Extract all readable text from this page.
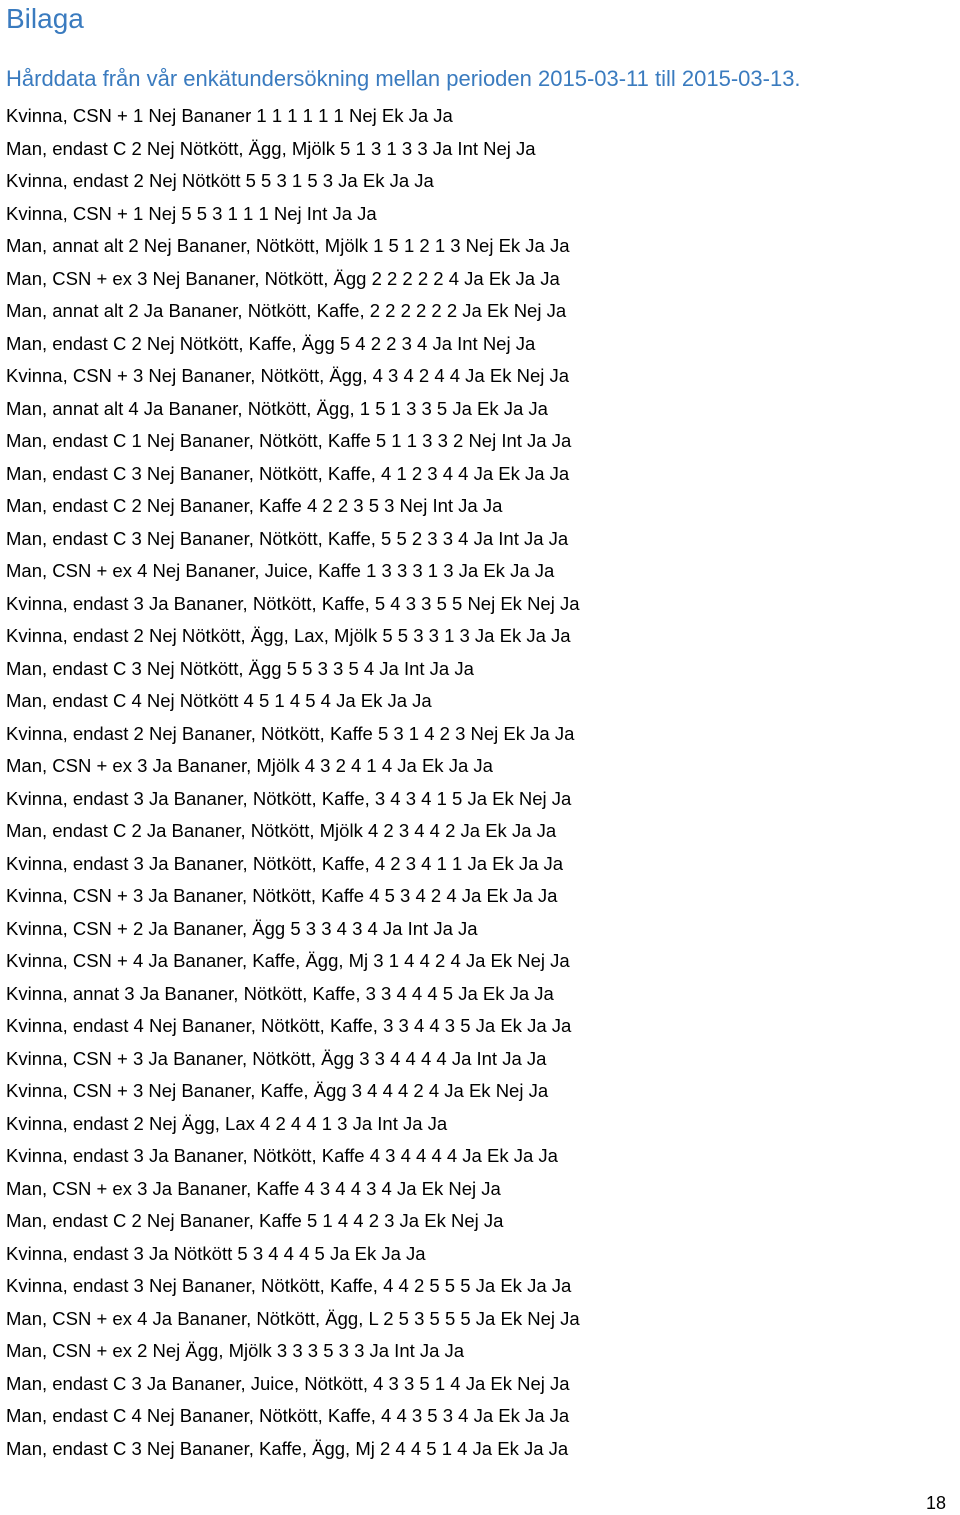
Bilaga
Hårddata från vår enkätundersökning mellan perioden 2015-03-11 till 2015-03-13.
Kvinna, CSN + 1 Nej Bananer 1 1 1 1 1 1 Nej Ek Ja Ja
Man, endast C 2 Nej Nötkött, Ägg, Mjölk 5 1 3 1 3 3 Ja Int Nej Ja
Kvinna, endast 2 Nej Nötkött 5 5 3 1 5 3 Ja Ek Ja Ja
Kvinna, CSN + 1 Nej 5 5 3 1 1 1 Nej Int Ja Ja
Man, annat alt 2 Nej Bananer, Nötkött, Mjölk 1 5 1 2 1 3 Nej Ek Ja Ja
Man, CSN + ex 3 Nej Bananer, Nötkött, Ägg 2 2 2 2 2 4 Ja Ek Ja Ja
Man, annat alt 2 Ja Bananer, Nötkött, Kaffe, 2 2 2 2 2 2 Ja Ek Nej Ja
Man, endast C 2 Nej Nötkött, Kaffe, Ägg 5 4 2 2 3 4 Ja Int Nej Ja
Kvinna, CSN + 3 Nej Bananer, Nötkött, Ägg, 4 3 4 2 4 4 Ja Ek Nej Ja
Man, annat alt 4 Ja Bananer, Nötkött, Ägg, 1 5 1 3 3 5 Ja Ek Ja Ja
Man, endast C 1 Nej Bananer, Nötkött, Kaffe 5 1 1 3 3 2 Nej Int Ja Ja
Man, endast C 3 Nej Bananer, Nötkött, Kaffe, 4 1 2 3 4 4 Ja Ek Ja Ja
Man, endast C 2 Nej Bananer, Kaffe 4 2 2 3 5 3 Nej Int Ja Ja
Man, endast C 3 Nej Bananer, Nötkött, Kaffe, 5 5 2 3 3 4 Ja Int Ja Ja
Man, CSN + ex 4 Nej Bananer, Juice, Kaffe 1 3 3 3 1 3 Ja Ek Ja Ja
Kvinna, endast 3 Ja Bananer, Nötkött, Kaffe, 5 4 3 3 5 5 Nej Ek Nej Ja
Kvinna, endast 2 Nej Nötkött, Ägg, Lax, Mjölk 5 5 3 3 1 3 Ja Ek Ja Ja
Man, endast C 3 Nej Nötkött, Ägg 5 5 3 3 5 4 Ja Int Ja Ja
Man, endast C 4 Nej Nötkött 4 5 1 4 5 4 Ja Ek Ja Ja
Kvinna, endast 2 Nej Bananer, Nötkött, Kaffe 5 3 1 4 2 3 Nej Ek Ja Ja
Man, CSN + ex 3 Ja Bananer, Mjölk 4 3 2 4 1 4 Ja Ek Ja Ja
Kvinna, endast 3 Ja Bananer, Nötkött, Kaffe, 3 4 3 4 1 5 Ja Ek Nej Ja
Man, endast C 2 Ja Bananer, Nötkött, Mjölk 4 2 3 4 4 2 Ja Ek Ja Ja
Kvinna, endast 3 Ja Bananer, Nötkött, Kaffe, 4 2 3 4 1 1 Ja Ek Ja Ja
Kvinna, CSN + 3 Ja Bananer, Nötkött, Kaffe 4 5 3 4 2 4 Ja Ek Ja Ja
Kvinna, CSN + 2 Ja Bananer, Ägg 5 3 3 4 3 4 Ja Int Ja Ja
Kvinna, CSN + 4 Ja Bananer, Kaffe, Ägg, Mj 3 1 4 4 2 4 Ja Ek Nej Ja
Kvinna, annat 3 Ja Bananer, Nötkött, Kaffe, 3 3 4 4 4 5 Ja Ek Ja Ja
Kvinna, endast 4 Nej Bananer, Nötkött, Kaffe, 3 3 4 4 3 5 Ja Ek Ja Ja
Kvinna, CSN + 3 Ja Bananer, Nötkött, Ägg 3 3 4 4 4 4 Ja Int Ja Ja
Kvinna, CSN + 3 Nej Bananer, Kaffe, Ägg 3 4 4 4 2 4 Ja Ek Nej Ja
Kvinna, endast 2 Nej Ägg, Lax 4 2 4 4 1 3 Ja Int Ja Ja
Kvinna, endast 3 Ja Bananer, Nötkött, Kaffe 4 3 4 4 4 4 Ja Ek Ja Ja
Man, CSN + ex 3 Ja Bananer, Kaffe 4 3 4 4 3 4 Ja Ek Nej Ja
Man, endast C 2 Nej Bananer, Kaffe 5 1 4 4 2 3 Ja Ek Nej Ja
Kvinna, endast 3 Ja Nötkött 5 3 4 4 4 5 Ja Ek Ja Ja
Kvinna, endast 3 Nej Bananer, Nötkött, Kaffe, 4 4 2 5 5 5 Ja Ek Ja Ja
Man, CSN + ex 4 Ja Bananer, Nötkött, Ägg, L 2 5 3 5 5 5 Ja Ek Nej Ja
Man, CSN + ex 2 Nej Ägg, Mjölk 3 3 3 5 3 3 Ja Int Ja Ja
Man, endast C 3 Ja Bananer, Juice, Nötkött, 4 3 3 5 1 4 Ja Ek Nej Ja
Man, endast C 4 Nej Bananer, Nötkött, Kaffe, 4 4 3 5 3 4 Ja Ek Ja Ja
Man, endast C 3 Nej Bananer, Kaffe, Ägg, Mj 2 4 4 5 1 4 Ja Ek Ja Ja
18
